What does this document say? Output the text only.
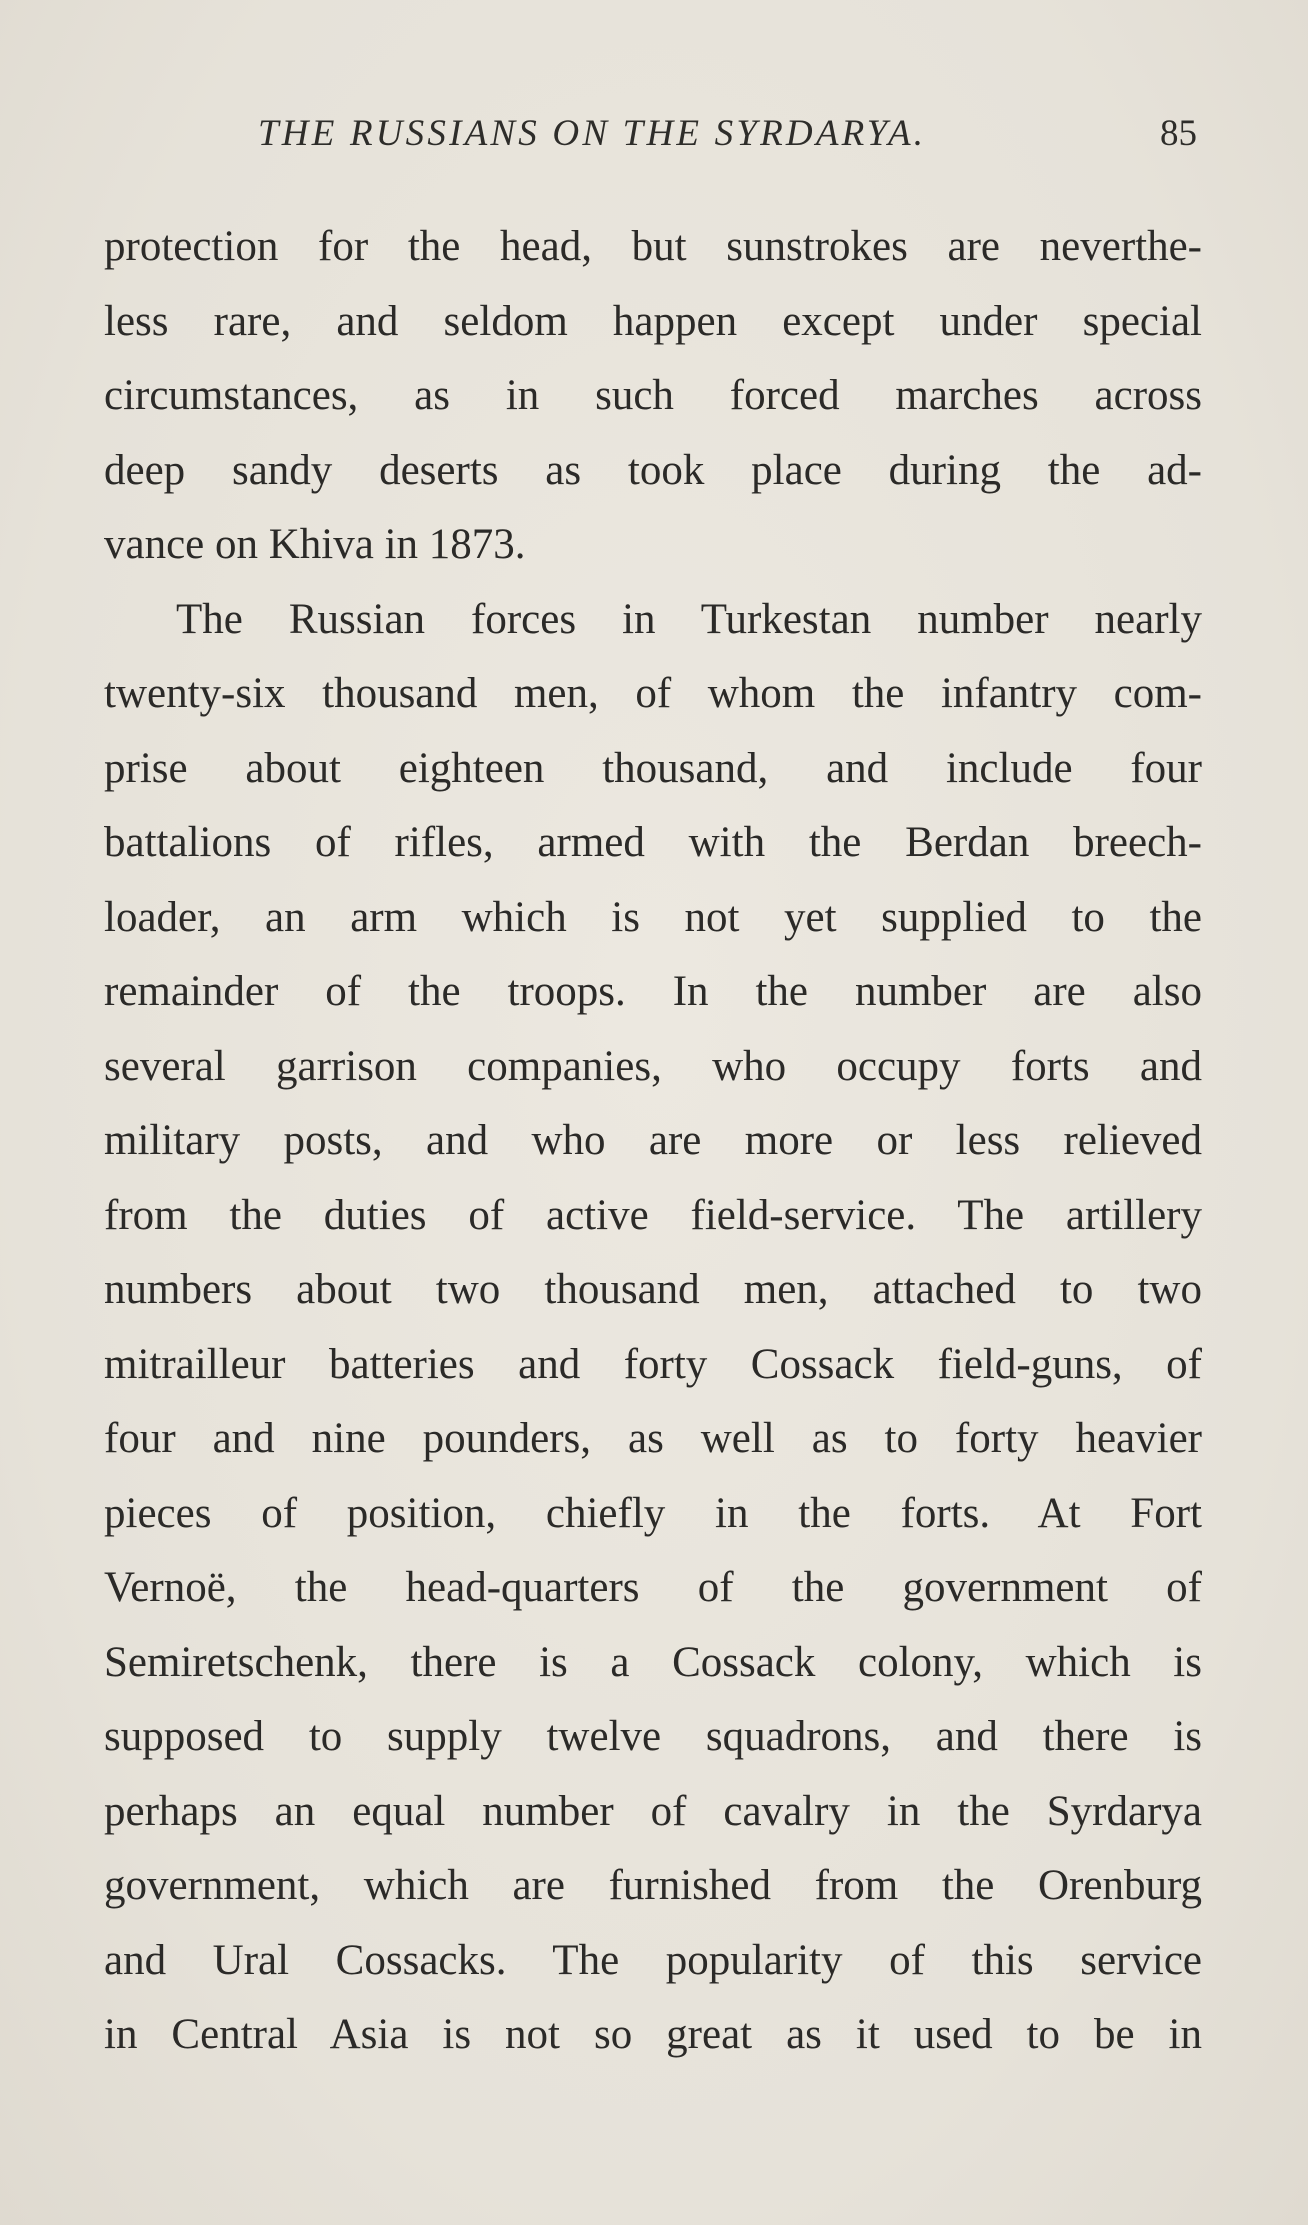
THE RUSSIANS ON THE SYRDARYA.	85
protection for the head, but sunstrokes are neverthe-
less rare, and seldom happen except under special
circumstances, as in such forced marches across
deep sandy deserts as took place during the ad-
vance on Khiva in 1873.
The Russian forces in Turkestan number nearly
twenty-six thousand men, of whom the infantry com-
prise about eighteen thousand, and include four
battalions of rifles, armed with the Berdan breech-
loader, an arm which is not yet supplied to the
remainder of the troops. In the number are also
several garrison companies, who occupy forts and
military posts, and who are more or less relieved
from the duties of active field-service. The artillery
numbers about two thousand men, attached to two
mitrailleur batteries and forty Cossack field-guns, of
four and nine pounders, as well as to forty heavier
pieces of position, chiefly in the forts. At Fort
Vernoë, the head-quarters of the government of
Semiretschenk, there is a Cossack colony, which is
supposed to supply twelve squadrons, and there is
perhaps an equal number of cavalry in the Syrdarya
government, which are furnished from the Orenburg
and Ural Cossacks. The popularity of this service
in Central Asia is not so great as it used to be in
